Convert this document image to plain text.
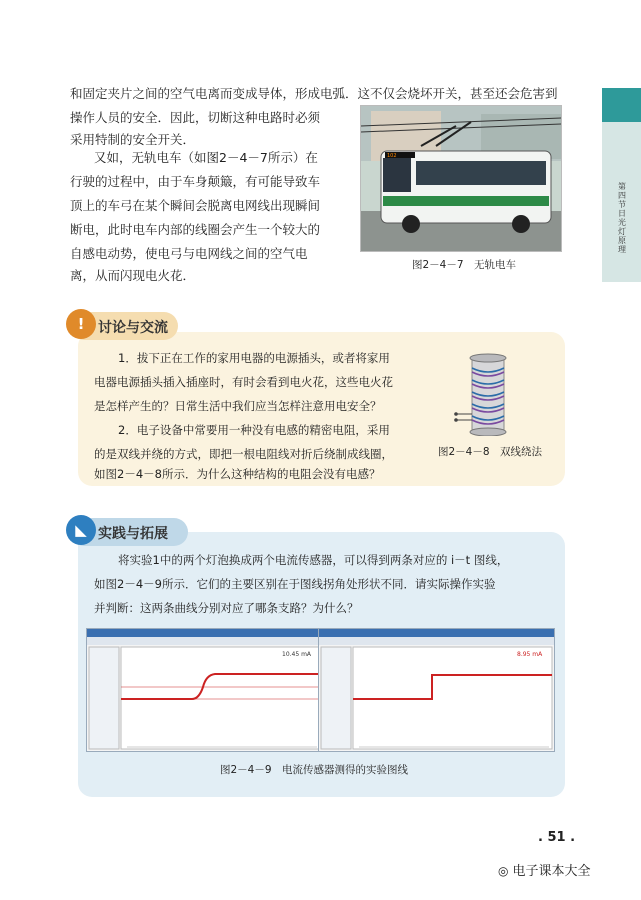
第四节　日光灯原理
和固定夹片之间的空气电离而变成导体，形成电弧．这不仅会烧坏开关，甚至还会危害到
操作人员的安全．因此，切断这种电路时必须
采用特制的安全开关．
又如，无轨电车（如图2－4－7所示）在
行驶的过程中，由于车身颠簸，有可能导致车
顶上的车弓在某个瞬间会脱离电网线出现瞬间
断电，此时电车内部的线圈会产生一个较大的
自感电动势，使电弓与电网线之间的空气电
离，从而闪现电火花．
102
图2－4－7　无轨电车
! 讨论与交流
1．拔下正在工作的家用电器的电源插头，或者将家用
电器电源插头插入插座时，有时会看到电火花，这些电火花
是怎样产生的？日常生活中我们应当怎样注意用电安全？
2．电子设备中常要用一种没有电感的精密电阻，采用
的是双线并绕的方式，即把一根电阻线对折后绕制成线圈，
如图2－4－8所示．为什么这种结构的电阻会没有电感？
图2－4－8　双线绕法
◣ 实践与拓展
将实验1中的两个灯泡换成两个电流传感器，可以得到两条对应的 i－t 图线，
如图2－4－9所示．它们的主要区别在于图线拐角处形状不同．请实际操作实验
并判断：这两条曲线分别对应了哪条支路？为什么？
10.45 mA	8.95 mA
图2－4－9　电流传感器测得的实验图线
. 51 .
◎ 电子课本大全
